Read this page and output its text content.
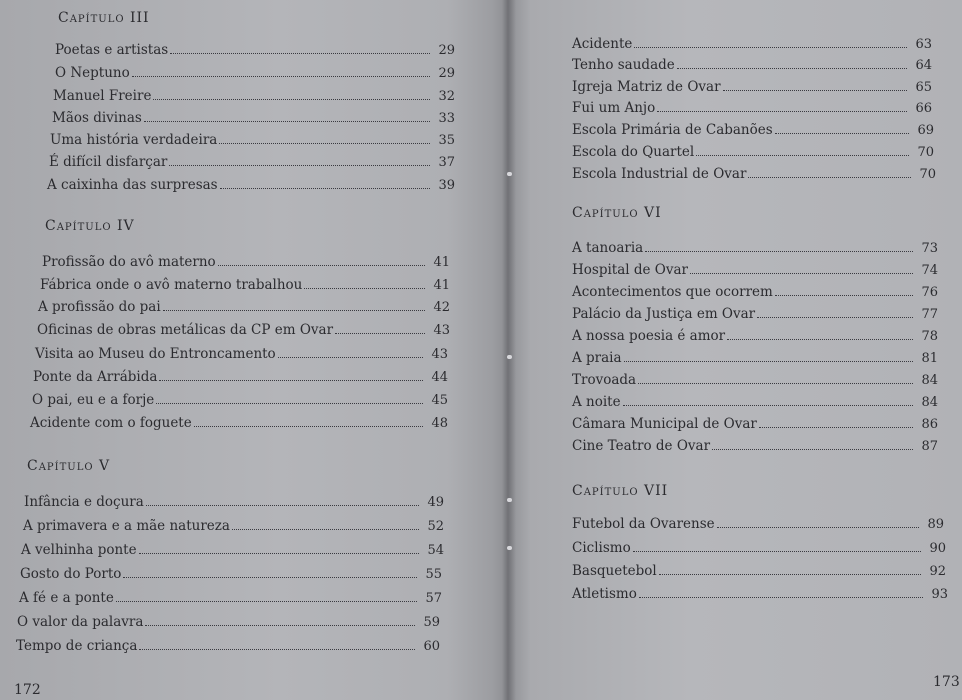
Capítulo III
Poetas e artistas	29
O Neptuno	29
Manuel Freire	32
Mãos divinas	33
Uma história verdadeira	35
É difícil disfarçar	37
A caixinha das surpresas	39
Capítulo IV
Profissão do avô materno	41
Fábrica onde o avô materno trabalhou	41
A profissão do pai	42
Oficinas de obras metálicas da CP em Ovar	43
Visita ao Museu do Entroncamento	43
Ponte da Arrábida	44
O pai, eu e a forje	45
Acidente com o foguete	48
Capítulo V
Infância e doçura	49
A primavera e a mãe natureza	52
A velhinha ponte	54
Gosto do Porto	55
A fé e a ponte	57
O valor da palavra	59
Tempo de criança	60
172
Acidente	63
Tenho saudade	64
Igreja Matriz de Ovar	65
Fui um Anjo	66
Escola Primária de Cabanões	69
Escola do Quartel	70
Escola Industrial de Ovar	70
Capítulo VI
A tanoaria	73
Hospital de Ovar	74
Acontecimentos que ocorrem	76
Palácio da Justiça em Ovar	77
A nossa poesia é amor	78
A praia	81
Trovoada	84
A noite	84
Câmara Municipal de Ovar	86
Cine Teatro de Ovar	87
Capítulo VII
Futebol da Ovarense	89
Ciclismo	90
Basquetebol	92
Atletismo	93
173
